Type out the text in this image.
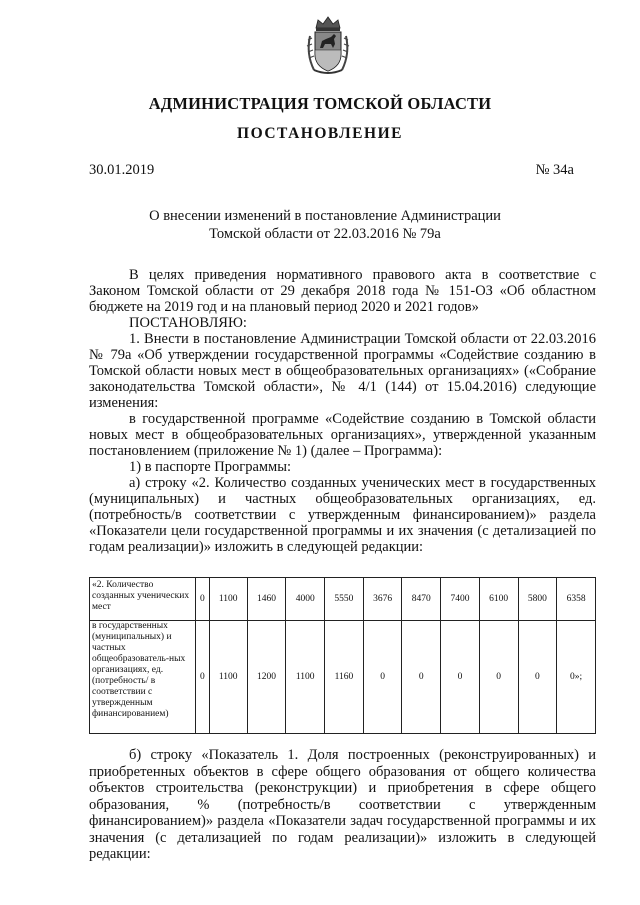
АДМИНИСТРАЦИЯ ТОМСКОЙ ОБЛАСТИ
ПОСТАНОВЛЕНИЕ
30.01.2019	№ 34а
О внесении изменений в постановление Администрации
Томской области от 22.03.2016 № 79а

В целях приведения нормативного правового акта в соответствие с Законом Томской области от 29 декабря 2018 года № 151-ОЗ «Об областном бюджете на 2019 год и на плановый период 2020 и 2021 годов»

ПОСТАНОВЛЯЮ:

1. Внести в постановление Администрации Томской области от 22.03.2016 № 79а «Об утверждении государственной программы «Содействие созданию в Томской области новых мест в общеобразовательных организациях» («Собрание законодательства Томской области», № 4/1 (144) от 15.04.2016) следующие изменения:

в государственной программе «Содействие созданию в Томской области новых мест в общеобразовательных организациях», утвержденной указанным постановлением (приложение № 1) (далее – Программа):

1) в паспорте Программы:

а) строку «2. Количество созданных ученических мест в государственных (муниципальных) и частных общеобразовательных организациях, ед. (потребность/в соответствии с утвержденным финансированием)» раздела «Показатели цели государственной программы и их значения (с детализацией по годам реализации)» изложить в следующей редакции:

«2. Количество созданных ученических мест	0	1100	1460	4000	5550	3676	8470	7400	6100	5800	6358
в государственных (муниципальных) и частных общеобразователь-ных организациях, ед. (потребность/ в соответствии с утвержденным финансированием)	0	1100	1200	1100	1160	0	0	0	0	0	0»;

б) строку «Показатель 1. Доля построенных (реконструированных) и приобретенных объектов в сфере общего образования от общего количества объектов строительства (реконструкции) и приобретения в сфере общего образования, % (потребность/в соответствии с утвержденным финансированием)» раздела «Показатели задач государственной программы и их значения (с детализацией по годам реализации)» изложить в следующей редакции:
